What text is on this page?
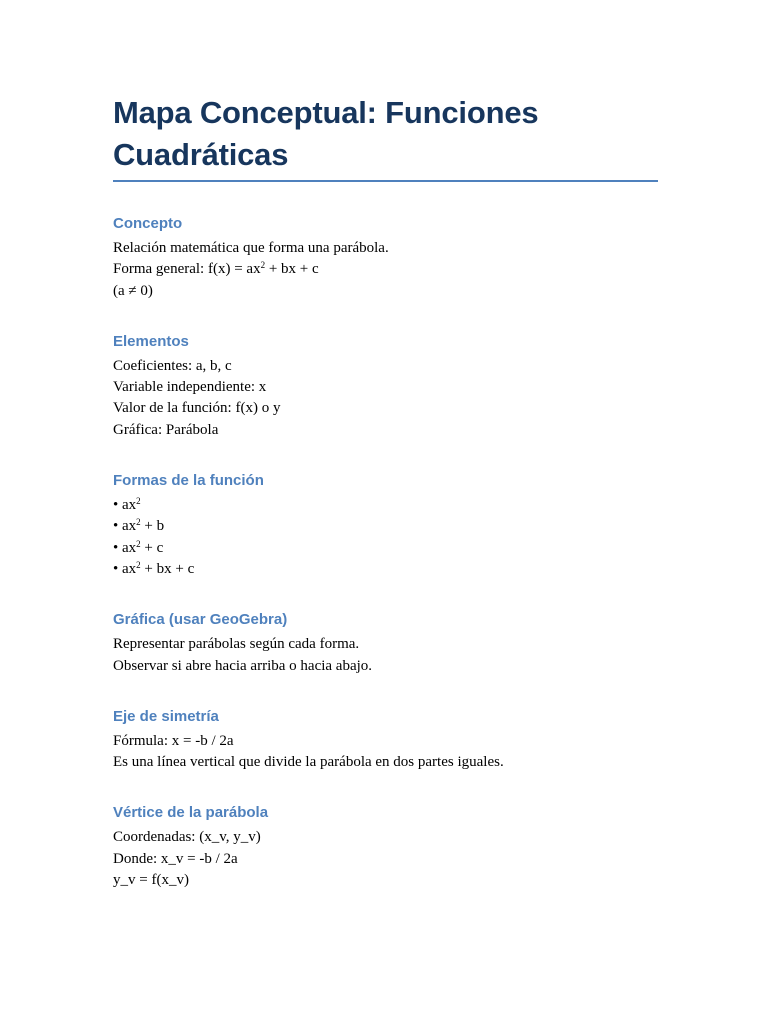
Mapa Conceptual: Funciones
Cuadráticas
Concepto

Relación matemática que forma una parábola.

Forma general: $f(x) = ax^2$ + bx + c

(a ≠ 0)

Elementos

Coeficientes: a, b, c

Variable independiente: x

Valor de la función: f(x) o y

Gráfica: Parábola

Formas de la función

• $ax^2$

• $ax^2 + b$

• $ax^2 + c$

• $ax^2$ + bx + c

Gráfica (usar GeoGebra)

Representar parábolas según cada forma.

Observar si abre hacia arriba o hacia abajo.

Eje de simetría

Fórmula: x = -b / 2a

Es una línea vertical que divide la parábola en dos partes iguales.

Vértice de la parábola

Coordenadas: (x_v, y_v)

Donde: x_v = -b / 2a

y_v = f(x_v)
